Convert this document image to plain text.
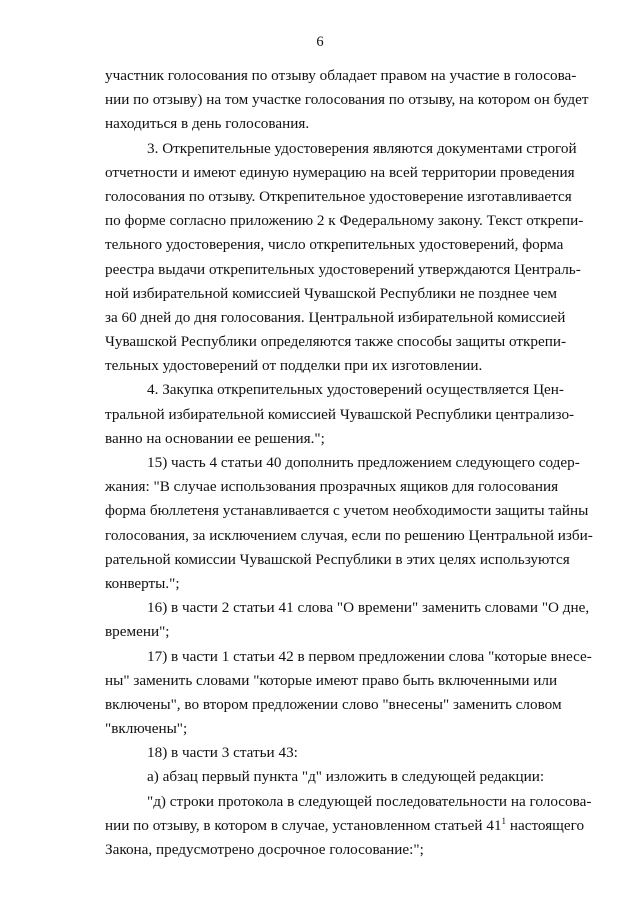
6
участник голосования по отзыву обладает правом на участие в голосова-
нии по отзыву) на том участке голосования по отзыву, на котором он будет
находиться в день голосования.
3. Открепительные удостоверения являются документами строгой
отчетности и имеют единую нумерацию на всей территории проведения
голосования по отзыву. Открепительное удостоверение изготавливается
по форме согласно приложению 2 к Федеральному закону. Текст открепи-
тельного удостоверения, число открепительных удостоверений, форма
реестра выдачи открепительных удостоверений утверждаются Централь-
ной избирательной комиссией Чувашской Республики не позднее чем
за 60 дней до дня голосования. Центральной избирательной комиссией
Чувашской Республики определяются также способы защиты открепи-
тельных удостоверений от подделки при их изготовлении.
4. Закупка открепительных удостоверений осуществляется Цен-
тральной избирательной комиссией Чувашской Республики централизо-
ванно на основании ее решения.";
15) часть 4 статьи 40 дополнить предложением следующего содер-
жания: "В случае использования прозрачных ящиков для голосования
форма бюллетеня устанавливается с учетом необходимости защиты тайны
голосования, за исключением случая, если по решению Центральной изби-
рательной комиссии Чувашской Республики в этих целях используются
конверты.";
16) в части 2 статьи 41 слова "О времени" заменить словами "О дне,
времени";
17) в части 1 статьи 42 в первом предложении слова "которые внесе-
ны" заменить словами "которые имеют право быть включенными или
включены", во втором предложении слово "внесены" заменить словом
"включены";
18) в части 3 статьи 43:
а) абзац первый пункта "д" изложить в следующей редакции:
"д) строки протокола в следующей последовательности на голосова-
нии по отзыву, в котором в случае, установленном статьей $41^1$ настоящего
Закона, предусмотрено досрочное голосование:";
